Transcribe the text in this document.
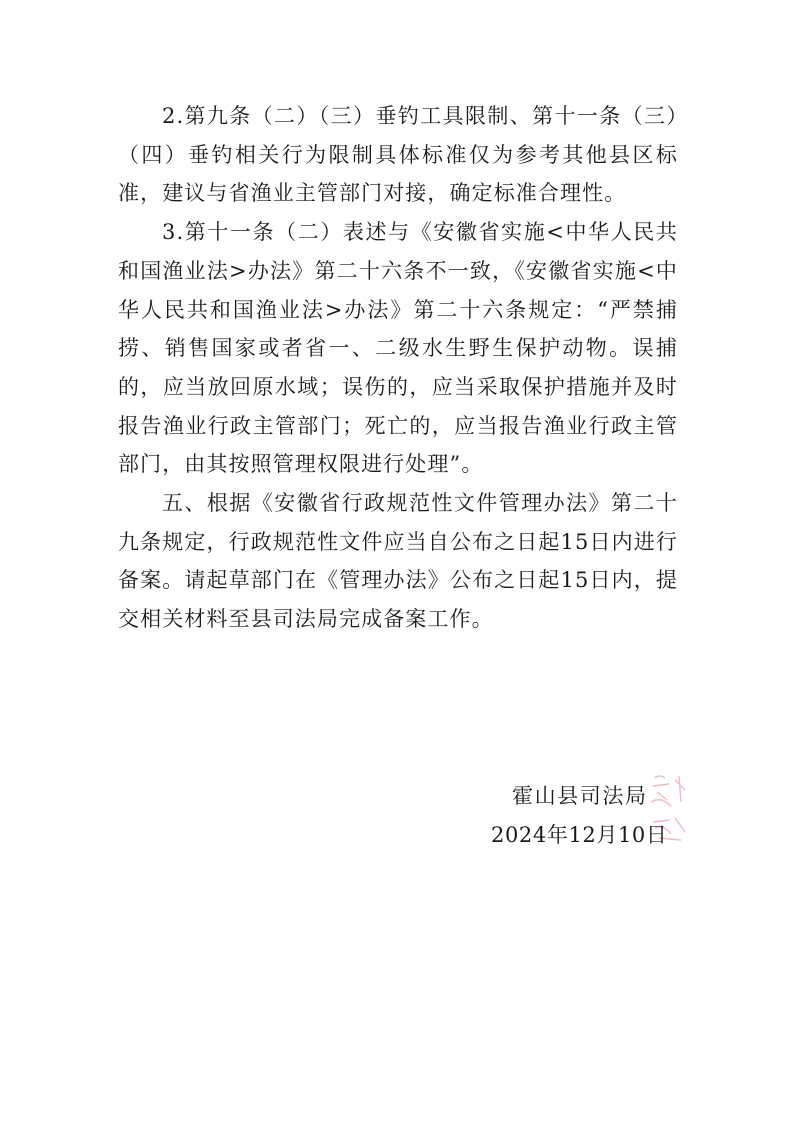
2.第九条（二）（三）垂钓工具限制、第十一条（三）（四）垂钓相关行为限制具体标准仅为参考其他县区标准，建议与省渔业主管部门对接，确定标准合理性。

3.第十一条（二）表述与《安徽省实施<中华人民共和国渔业法>办法》第二十六条不一致，《安徽省实施<中华人民共和国渔业法>办法》第二十六条规定：“严禁捕捞、销售国家或者省一、二级水生野生保护动物。误捕的，应当放回原水域；误伤的，应当采取保护措施并及时报告渔业行政主管部门；死亡的，应当报告渔业行政主管部门，由其按照管理权限进行处理”。

五、根据《安徽省行政规范性文件管理办法》第二十九条规定，行政规范性文件应当自公布之日起15日内进行备案。请起草部门在《管理办法》公布之日起15日内，提交相关材料至县司法局完成备案工作。

霍山县司法局
2024年12月10日
